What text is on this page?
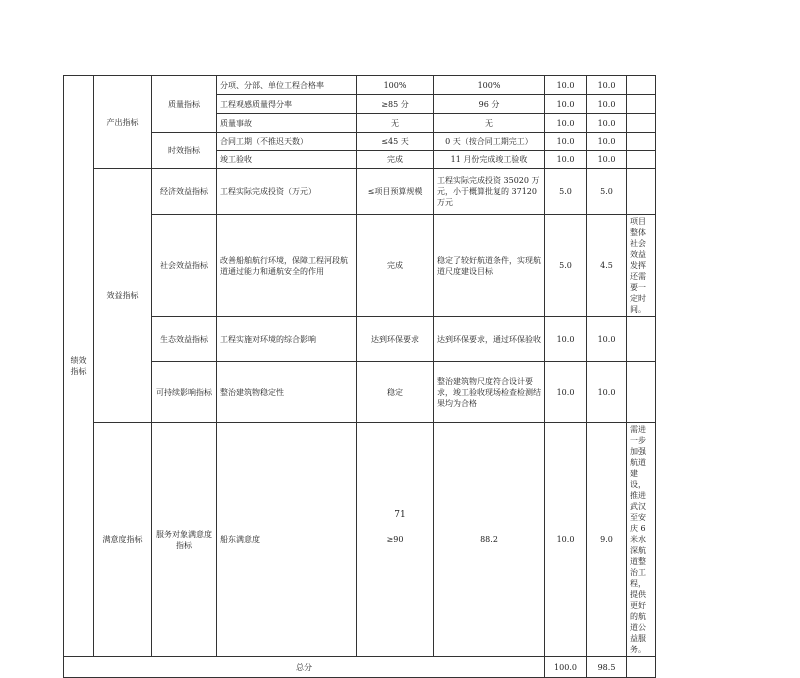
绩效指标	产出指标	质量指标	分项、分部、单位工程合格率	100%	100%	10.0	10.0	
			工程观感质量得分率	≥85 分	96 分	10.0	10.0	
			质量事故	无	无	10.0	10.0	
		时效指标	合同工期（不推迟天数）	≤45 天	0 天（按合同工期完工）	10.0	10.0	
			竣工验收	完成	11 月份完成竣工验收	10.0	10.0	
	效益指标	经济效益指标	工程实际完成投资（万元）	≤项目预算规模	工程实际完成投资 35020 万元，小于概算批复的 37120 万元	5.0	5.0	
		社会效益指标	改善船舶航行环境，保障工程河段航道通过能力和通航安全的作用	完成	稳定了较好航道条件，实现航道尺度建设目标	5.0	4.5	项目整体社会效益发挥还需要一定时间。
		生态效益指标	工程实施对环境的综合影响	达到环保要求	达到环保要求，通过环保验收	10.0	10.0	
		可持续影响指标	整治建筑物稳定性	稳定	整治建筑物尺度符合设计要求，竣工验收现场检查检测结果均为合格	10.0	10.0	
	满意度指标	服务对象满意度指标	船东满意度	≥90	88.2	10.0	9.0	需进一步加强航道建设，推进武汉至安庆 6 米水深航道整治工程，提供更好的航道公益服务。
总分						100.0	98.5	
71
